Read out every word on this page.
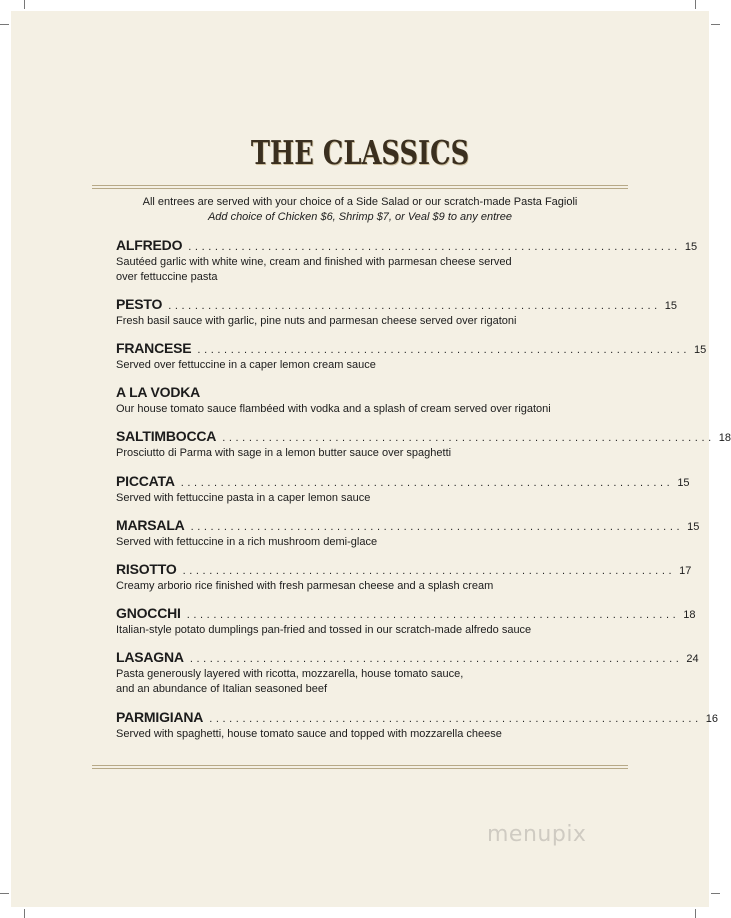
THE CLASSICS
All entrees are served with your choice of a Side Salad or our scratch-made Pasta Fagioli
Add choice of Chicken $6, Shrimp $7, or Veal $9 to any entree
ALFREDO .......................................................................... 15
Sautéed garlic with white wine, cream and finished with parmesan cheese served
over fettuccine pasta
PESTO .......................................................................... 15
Fresh basil sauce with garlic, pine nuts and parmesan cheese served over rigatoni
FRANCESE .......................................................................... 15
Served over fettuccine in a caper lemon cream sauce
A LA VODKA
Our house tomato sauce flambéed with vodka and a splash of cream served over rigatoni
SALTIMBOCCA .......................................................................... 18
Prosciutto di Parma with sage in a lemon butter sauce over spaghetti
PICCATA .......................................................................... 15
Served with fettuccine pasta in a caper lemon sauce
MARSALA .......................................................................... 15
Served with fettuccine in a rich mushroom demi-glace
RISOTTO .......................................................................... 17
Creamy arborio rice finished with fresh parmesan cheese and a splash cream
GNOCCHI .......................................................................... 18
Italian-style potato dumplings pan-fried and tossed in our scratch-made alfredo sauce
LASAGNA .......................................................................... 24
Pasta generously layered with ricotta, mozzarella, house tomato sauce,
and an abundance of Italian seasoned beef
PARMIGIANA .......................................................................... 16
Served with spaghetti, house tomato sauce and topped with mozzarella cheese
menupix
